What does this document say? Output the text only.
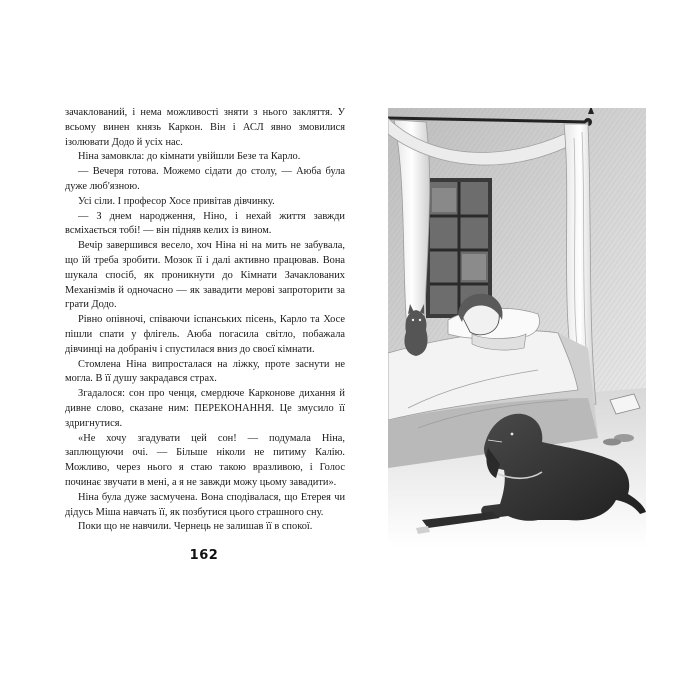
зачаклований, і нема можливості зняти з нього закляття. У всьому винен князь Каркон. Він і АСЛ явно змовилися ізолювати Додо й усіх нас.

Ніна замовкла: до кімнати увійшли Безе та Карло.

— Вечеря готова. Можемо сідати до столу, — Аюба була дуже люб'язною.

Усі сіли. І професор Хосе привітав дівчинку.

— З днем народження, Ніно, і нехай життя завжди всміхається тобі! — він підняв келих із вином.

Вечір завершився весело, хоч Ніна ні на мить не забувала, що їй треба зробити. Мозок її і далі активно працював. Вона шукала спосіб, як проникнути до Кімнати Зачаклованих Механізмів й одночасно — як завадити мерові запроторити за грати Додо.

Рівно опівночі, співаючи іспанських пісень, Карло та Хосе пішли спати у флігель. Аюба погасила світло, побажала дівчинці на добраніч і спустилася вниз до своєї кімнати.

Стомлена Ніна випросталася на ліжку, проте заснути не могла. В її душу закрадався страх.

Згадалося: сон про ченця, смердюче Карконове дихання й дивне слово, сказане ним: ПЕРЕКОНАННЯ. Це змусило її здригнутися.

«Не хочу згадувати цей сон! — подумала Ніна, заплющуючи очі. — Більше ніколи не питиму Калію. Можливо, через нього я стаю такою вразливою, і Голос починає звучати в мені, а я не завжди можу цьому завадити».

Ніна була дуже засмучена. Вона сподівалася, що Етерея чи дідусь Міша навчать її, як позбутися цього страшного сну.

Поки що не навчили. Чернець не залишав її в спокої.

162
